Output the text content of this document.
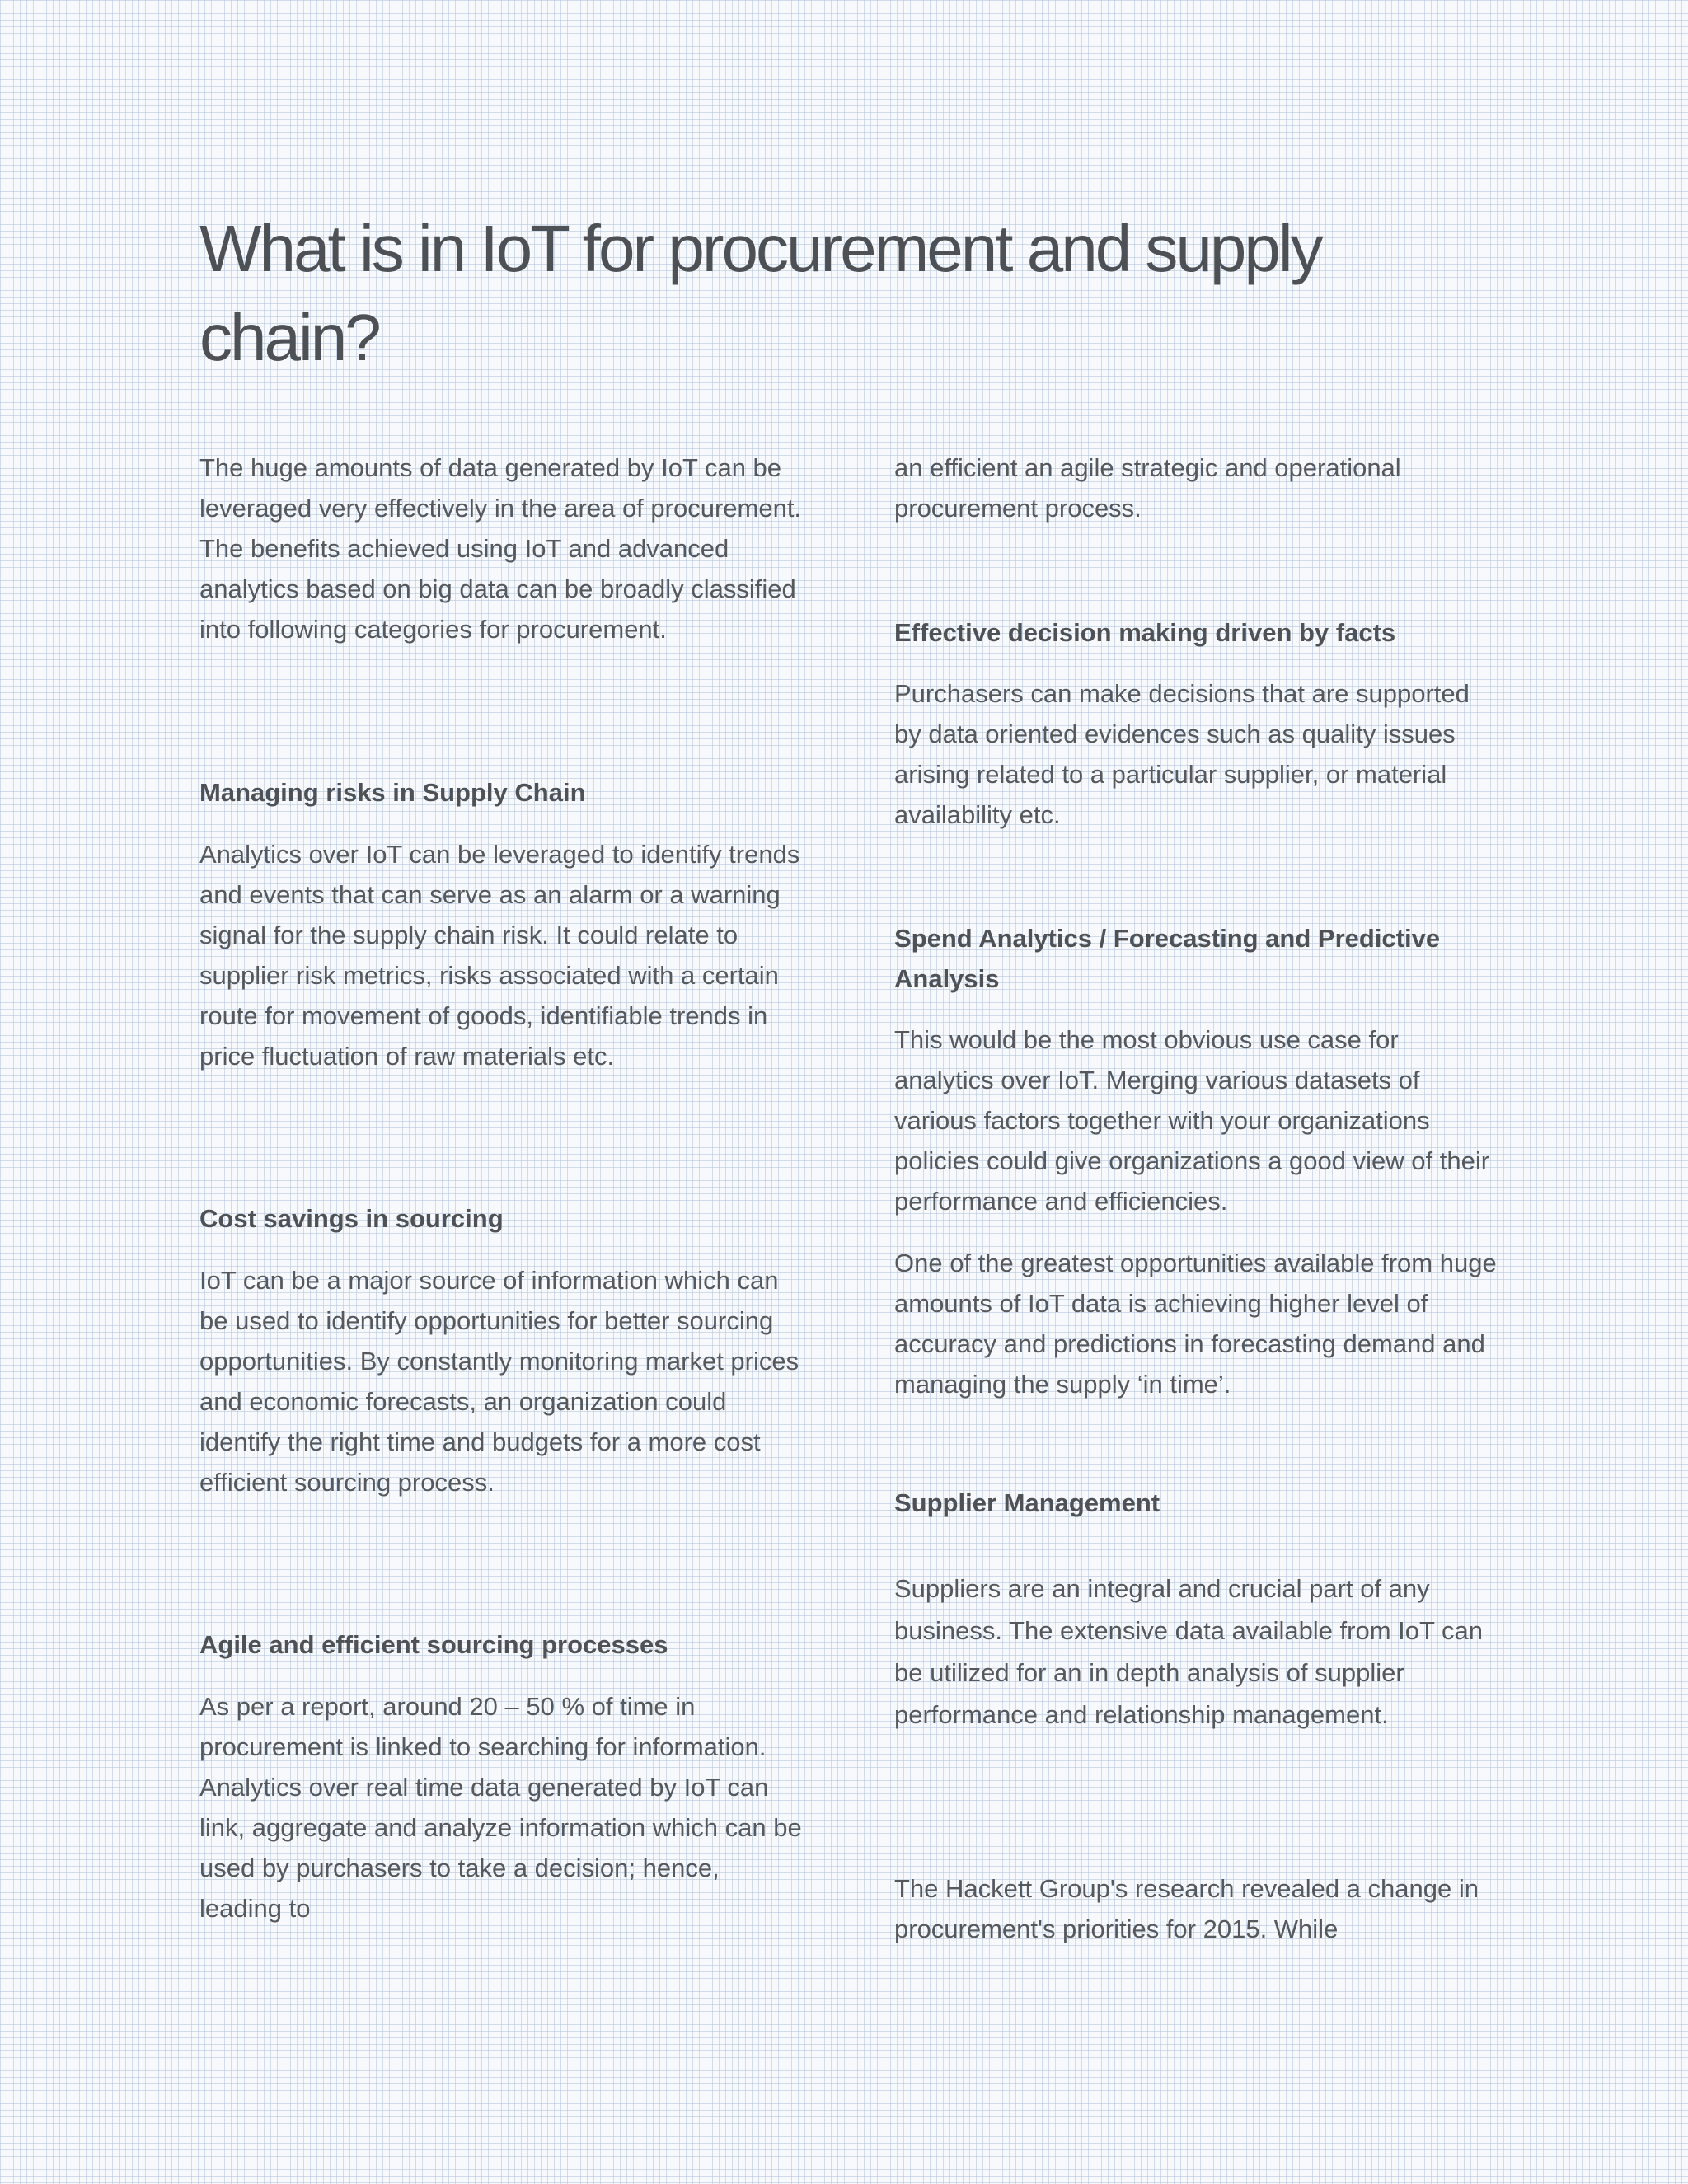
What is in IoT for procurement and supply chain?

The huge amounts of data generated by IoT can be leveraged very effectively in the area of procurement. The benefits achieved using IoT and advanced analytics based on big data can be broadly classified into following categories for procurement.

Managing risks in Supply Chain

Analytics over IoT can be leveraged to identify trends and events that can serve as an alarm or a warning signal for the supply chain risk. It could relate to supplier risk metrics, risks associated with a certain route for movement of goods, identifiable trends in price fluctuation of raw materials etc.

Cost savings in sourcing

IoT can be a major source of information which can be used to identify opportunities for better sourcing opportunities. By constantly monitoring market prices and economic forecasts, an organization could identify the right time and budgets for a more cost efficient sourcing process.

Agile and efficient sourcing processes

As per a report, around 20 – 50 % of time in procurement is linked to searching for information. Analytics over real time data generated by IoT can link, aggregate and analyze information which can be used by purchasers to take a decision; hence, leading to

an efficient an agile strategic and operational procurement process.

Effective decision making driven by facts

Purchasers can make decisions that are supported by data oriented evidences such as quality issues arising related to a particular supplier, or material availability etc.

Spend Analytics / Forecasting and Predictive Analysis

This would be the most obvious use case for analytics over IoT. Merging various datasets of various factors together with your organizations policies could give organizations a good view of their performance and efficiencies.

One of the greatest opportunities available from huge amounts of IoT data is achieving higher level of accuracy and predictions in forecasting demand and managing the supply ‘in time’.

Supplier Management

Suppliers are an integral and crucial part of any business. The extensive data available from IoT can be utilized for an in depth analysis of supplier performance and relationship management.

The Hackett Group's research revealed a change in procurement's priorities for 2015. While
